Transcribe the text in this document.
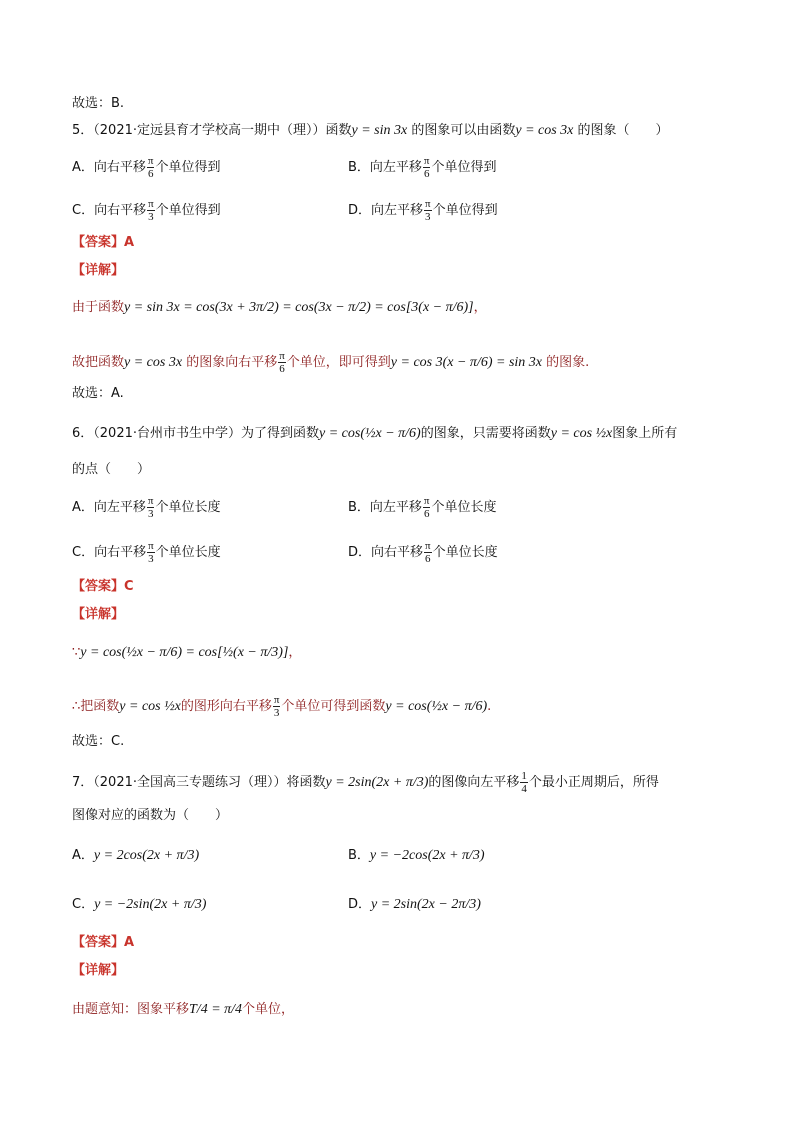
故选：B.
5．（2021·定远县育才学校高一期中（理））函数y = sin 3x 的图象可以由函数y = cos 3x 的图象（　　）
A．向右平移 $\frac{\pi}{6}$ 个单位得到	B．向左平移 $\frac{\pi}{6}$ 个单位得到
C．向右平移 $\frac{\pi}{3}$ 个单位得到	D．向左平移 $\frac{\pi}{3}$ 个单位得到
【答案】A
【详解】
由于函数y = sin 3x = cos(3x + 3π/2) = cos(3x − π/2) = cos[3(x − π/6)]，
故把函数y = cos 3x 的图象向右平移 $\frac{\pi}{6}$ 个单位，即可得到y = cos 3(x − π/6) = sin 3x 的图象.
故选：A.
6．（2021·台州市书生中学）为了得到函数y = cos(½x − π/6)的图象，只需要将函数y = cos ½x图象上所有
的点（　　）
A．向左平移 $\frac{\pi}{3}$ 个单位长度	B．向左平移 $\frac{\pi}{6}$ 个单位长度
C．向右平移 $\frac{\pi}{3}$ 个单位长度	D．向右平移 $\frac{\pi}{6}$ 个单位长度
【答案】C
【详解】
∵y = cos(½x − π/6) = cos[½(x − π/3)]，
∴把函数y = cos ½x的图形向右平移 $\frac{\pi}{3}$ 个单位可得到函数y = cos(½x − π/6).
故选：C.
7．（2021·全国高三专题练习（理））将函数y = 2sin(2x + π/3)的图像向左平移 $\frac{1}{4}$ 个最小正周期后，所得
图像对应的函数为（　　）
A．y = 2cos(2x + π/3)	B．y = −2cos(2x + π/3)
C．y = −2sin(2x + π/3)	D．y = 2sin(2x − 2π/3)
【答案】A
【详解】
由题意知：图象平移T/4 = π/4个单位，
